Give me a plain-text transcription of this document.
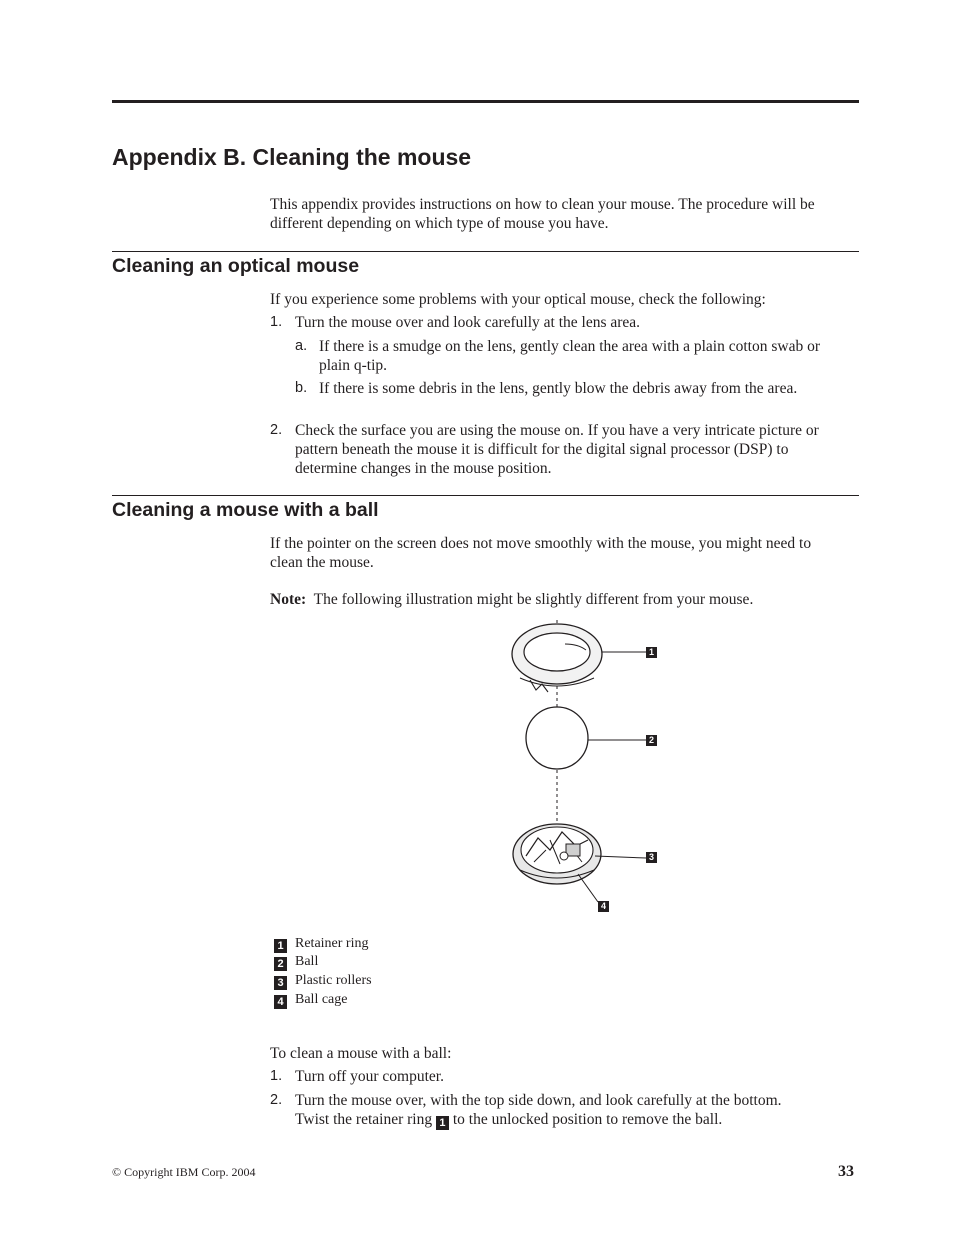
Appendix B. Cleaning the mouse
This appendix provides instructions on how to clean your mouse. The procedure will be different depending on which type of mouse you have.
Cleaning an optical mouse
If you experience some problems with your optical mouse, check the following:
1. Turn the mouse over and look carefully at the lens area.
a. If there is a smudge on the lens, gently clean the area with a plain cotton swab or plain q-tip.
b. If there is some debris in the lens, gently blow the debris away from the area.
2. Check the surface you are using the mouse on. If you have a very intricate picture or pattern beneath the mouse it is difficult for the digital signal processor (DSP) to determine changes in the mouse position.
Cleaning a mouse with a ball
If the pointer on the screen does not move smoothly with the mouse, you might need to clean the mouse.
Note: The following illustration might be slightly different from your mouse.
1
2
3
4
1 Retainer ring
2 Ball
3 Plastic rollers
4 Ball cage
To clean a mouse with a ball:
1. Turn off your computer.
2. Turn the mouse over, with the top side down, and look carefully at the bottom.
Twist the retainer ring 1 to the unlocked position to remove the ball.
© Copyright IBM Corp. 2004	33
